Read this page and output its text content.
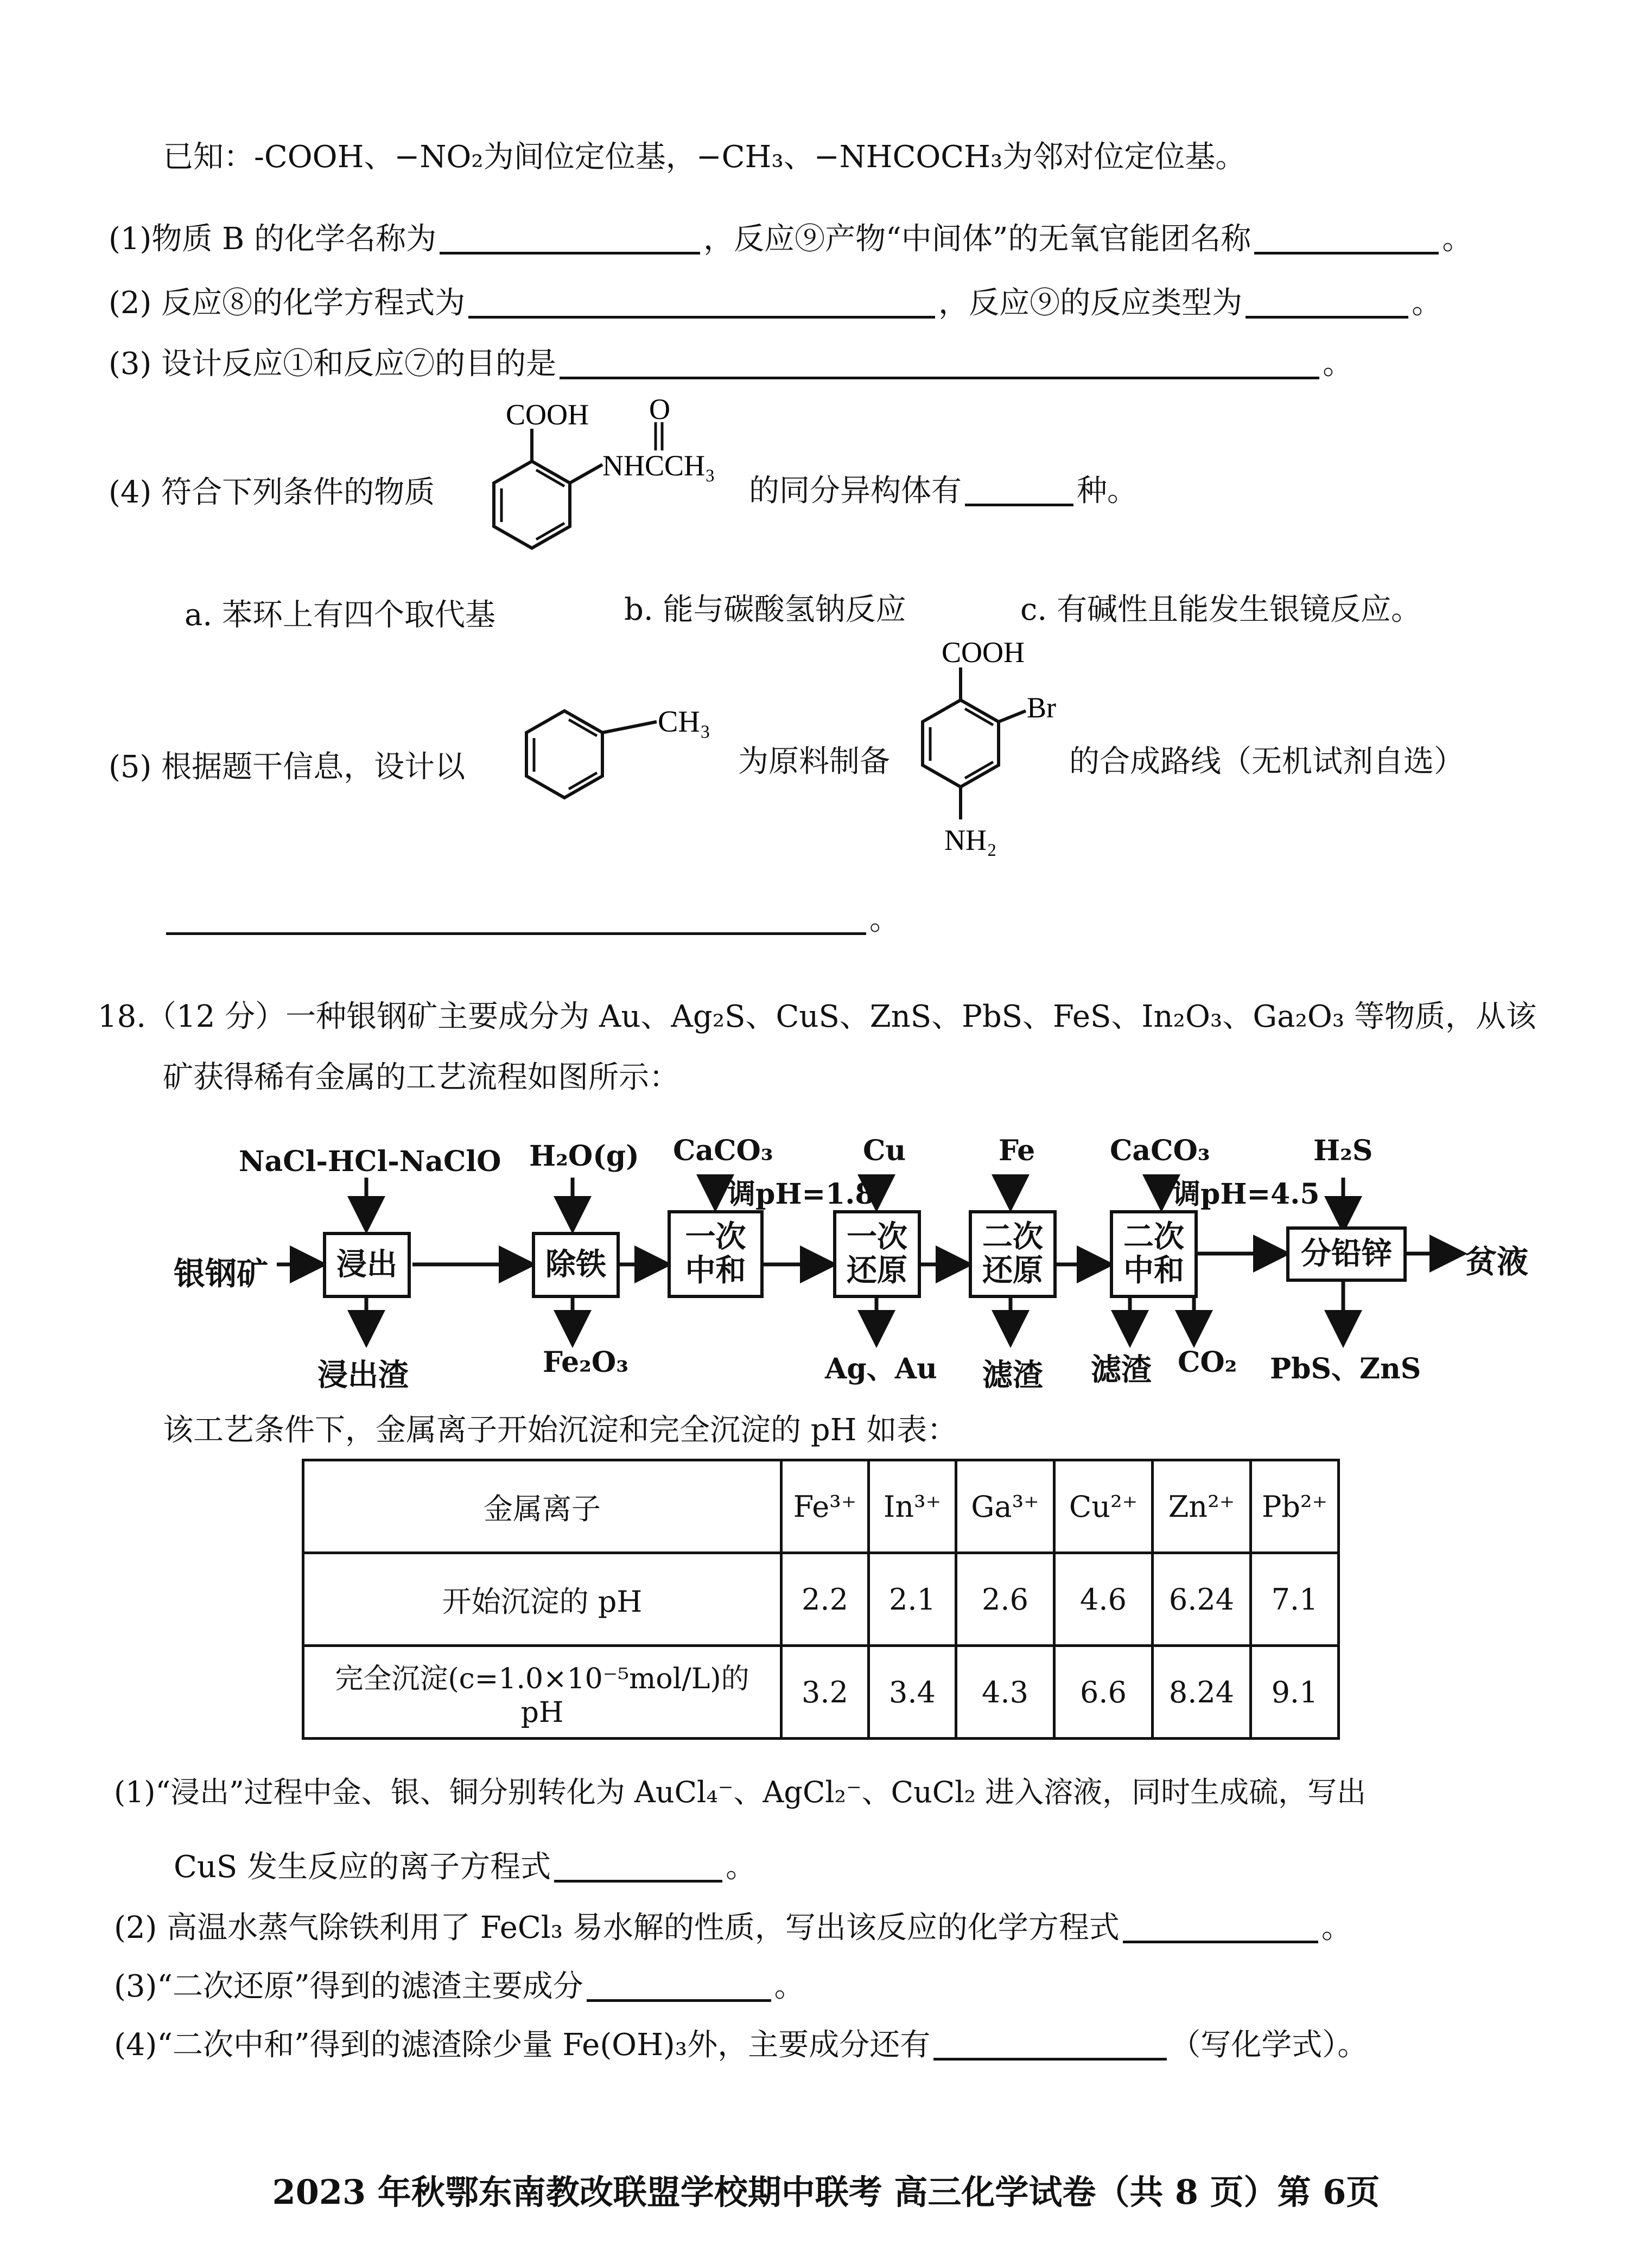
已知：-COOH、−NO₂为间位定位基，−CH₃、−NHCOCH₃为邻对位定位基。
(1)物质 B 的化学名称为	，反应⑨产物“中间体”的无氧官能团名称	。
(2) 反应⑧的化学方程式为	，反应⑨的反应类型为	。
(3) 设计反应①和反应⑦的目的是	。
(4) 符合下列条件的物质
COOH O
NHCCH₃
的同分异构体有	种。
a. 苯环上有四个取代基	b. 能与碳酸氢钠反应	c. 有碱性且能发生银镜反应。
(5) 根据题干信息，设计以
CH₃
为原料制备
COOH
Br
NH₂
的合成路线（无机试剂自选）
。
18.（12 分）一种银钢矿主要成分为 Au、Ag₂S、CuS、ZnS、PbS、FeS、In₂O₃、Ga₂O₃ 等物质，从该
矿获得稀有金属的工艺流程如图所示：
银钢矿	贫液
浸出	除铁
一次
中和
一次
还原
二次
还原
二次
中和	分铅锌
NaCl-HCl-NaClO H₂O(g) CaCO₃
调pH=1.8
Cu	Fe	CaCO₃
调pH=4.5
H₂S
浸出渣	Fe₂O₃	Ag、Au 滤渣 滤渣 CO₂ PbS、ZnS
该工艺条件下，金属离子开始沉淀和完全沉淀的 pH 如表：
金属离子	Fe³⁺	In³⁺	Ga³⁺	Cu²⁺	Zn²⁺	Pb²⁺
开始沉淀的 pH	2.2	2.1	2.6	4.6	6.24	7.1
完全沉淀(c=1.0×10⁻⁵mol/L)的 pH	3.2	3.4	4.3	6.6	8.24	9.1
(1)“浸出”过程中金、银、铜分别转化为 AuCl₄⁻、AgCl₂⁻、CuCl₂ 进入溶液，同时生成硫，写出
CuS 发生反应的离子方程式	。
(2) 高温水蒸气除铁利用了 FeCl₃ 易水解的性质，写出该反应的化学方程式	。
(3)“二次还原”得到的滤渣主要成分	。
(4)“二次中和”得到的滤渣除少量 Fe(OH)₃外，主要成分还有	（写化学式）。
2023 年秋鄂东南教改联盟学校期中联考 高三化学试卷（共 8 页）第 6页
